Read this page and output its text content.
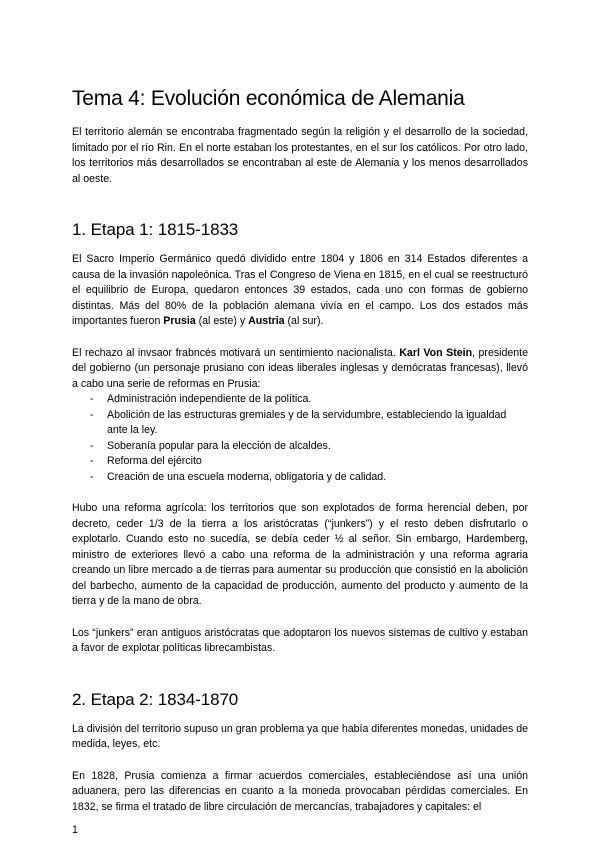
Tema 4: Evolución económica de Alemania

El territorio alemán se encontraba fragmentado según la religión y el desarrollo de la sociedad, limitado por el río Rin. En el norte estaban los protestantes, en el sur los católicos. Por otro lado, los territorios más desarrollados se encontraban al este de Alemania y los menos desarrollados al oeste.

1. Etapa 1: 1815-1833

El Sacro Imperio Germánico quedó dividido entre 1804 y 1806 en 314 Estados diferentes a causa de la invasión napoleónica. Tras el Congreso de Viena en 1815, en el cual se reestructuró el equilibrio de Europa, quedaron entonces 39 estados, cada uno con formas de gobierno distintas. Más del 80% de la población alemana vivía en el campo. Los dos estados más importantes fueron Prusia (al este) y Austria (al sur).

El rechazo al invsaor frabncés motivará un sentimiento nacionalista. Karl Von Stein, presidente del gobierno (un personaje prusiano con ideas liberales inglesas y demócratas francesas), llevó a cabo una serie de reformas en Prusia:

- Administración independiente de la política.
- Abolición de las estructuras gremiales y de la servidumbre, estableciendo la igualdad ante la ley.
- Soberanía popular para la elección de alcaldes.
- Reforma del ejército
- Creación de una escuela moderna, obligatoria y de calidad.

Hubo una reforma agrícola: los territorios que son explotados de forma herencial deben, por decreto, ceder 1/3 de la tierra a los aristócratas (“junkers”) y el resto deben disfrutarlo o explotarlo. Cuando esto no sucedía, se debía ceder ½ al señor. Sin embargo, Hardemberg, ministro de exteriores llevó a cabo una reforma de la administración y una reforma agraria creando un libre mercado a de tierras para aumentar su producción que consistió en la abolición del barbecho, aumento de la capacidad de producción, aumento del producto y aumento de la tierra y de la mano de obra.

Los “junkers” eran antiguos aristócratas que adoptaron los nuevos sistemas de cultivo y estaban a favor de explotar políticas librecambistas.

2. Etapa 2: 1834-1870

La división del territorio supuso un gran problema ya que había diferentes monedas, unidades de medida, leyes, etc.

En 1828, Prusia comienza a firmar acuerdos comerciales, estableciéndose así una unión aduanera, pero las diferencias en cuanto a la moneda provocaban pérdidas comerciales. En 1832, se firma el tratado de libre circulación de mercancías, trabajadores y capitales: el

1
